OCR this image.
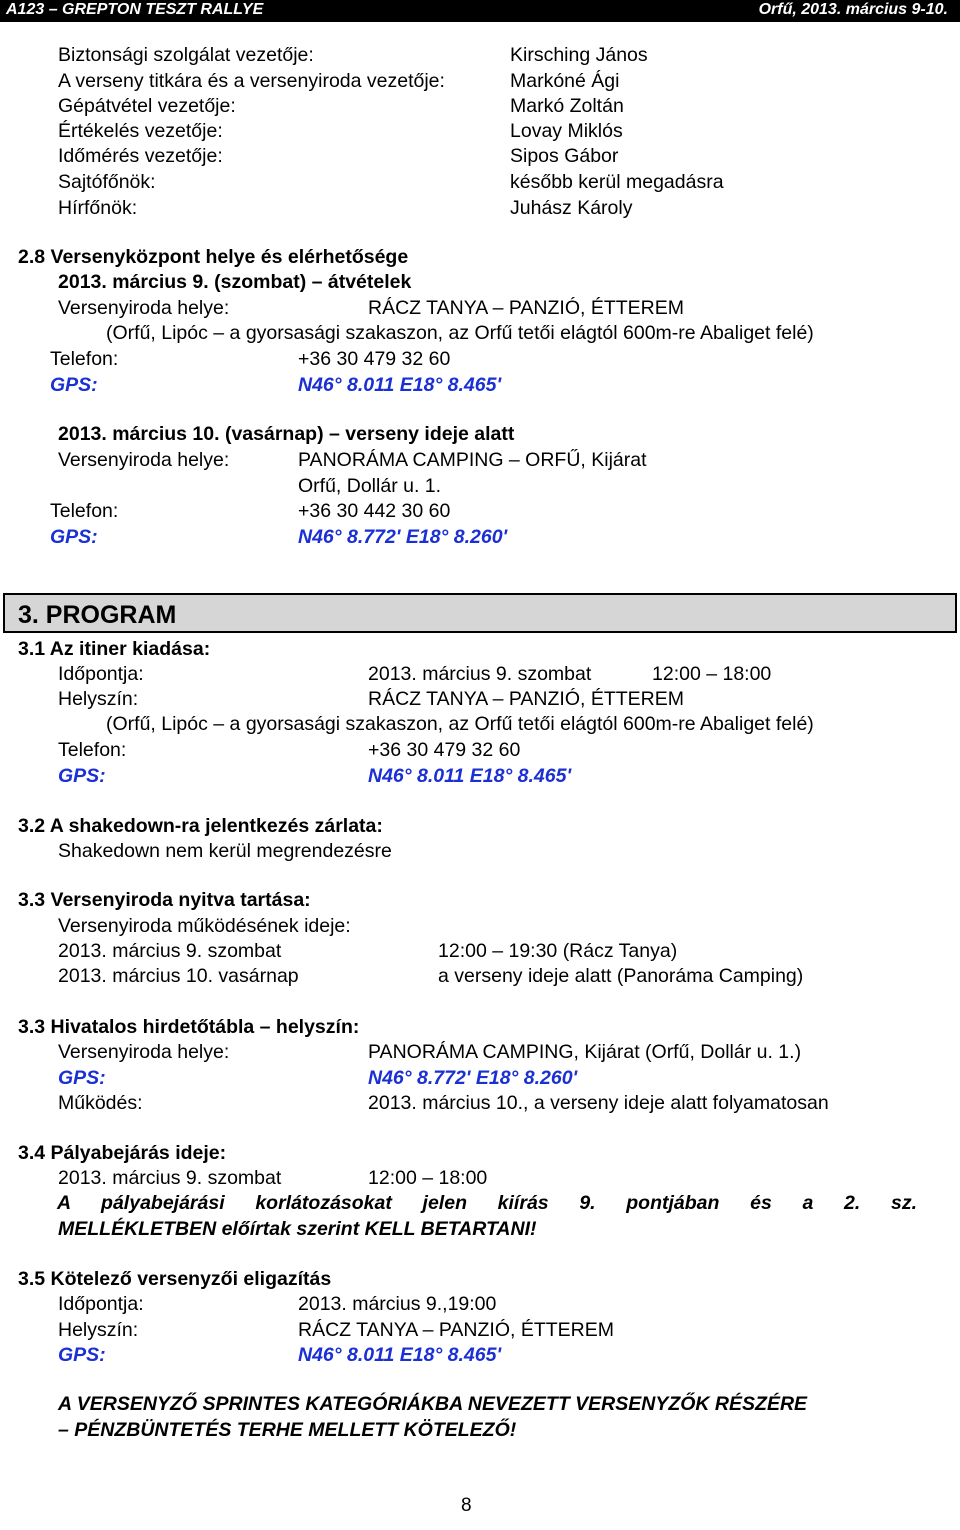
A123 – GREPTON TESZT RALLYE	Orfű, 2013. március 9-10.
Biztonsági szolgálat vezetője:	Kirsching János
A verseny titkára és a versenyiroda vezetője:	Markóné Ági
Gépátvétel vezetője:	Markó Zoltán
Értékelés vezetője:	Lovay Miklós
Időmérés vezetője:	Sipos Gábor
Sajtófőnök:	később kerül megadásra
Hírfőnök:	Juhász Károly
2.8 Versenyközpont helye és elérhetősége
2013. március 9. (szombat) – átvételek
Versenyiroda helye:	RÁCZ TANYA – PANZIÓ, ÉTTEREM
(Orfű, Lipóc – a gyorsasági szakaszon, az Orfű tetői elágtól 600m-re Abaliget felé)
Telefon:	+36 30 479 32 60
GPS:	N46° 8.011 E18° 8.465'
2013. március 10. (vasárnap) – verseny ideje alatt
Versenyiroda helye:	PANORÁMA CAMPING – ORFŰ, Kijárat
Orfű, Dollár u. 1.
Telefon:	+36 30 442 30 60
GPS:	N46° 8.772' E18° 8.260'
3. PROGRAM
3.1 Az itiner kiadása:
Időpontja:	2013. március 9. szombat	12:00 – 18:00
Helyszín:	RÁCZ TANYA – PANZIÓ, ÉTTEREM
(Orfű, Lipóc – a gyorsasági szakaszon, az Orfű tetői elágtól 600m-re Abaliget felé)
Telefon:	+36 30 479 32 60
GPS:	N46° 8.011 E18° 8.465'
3.2 A shakedown-ra jelentkezés zárlata:
Shakedown nem kerül megrendezésre
3.3 Versenyiroda nyitva tartása:
Versenyiroda működésének ideje:
2013. március 9. szombat	12:00 – 19:30 (Rácz Tanya)
2013. március 10. vasárnap	a verseny ideje alatt (Panoráma Camping)
3.3 Hivatalos hirdetőtábla – helyszín:
Versenyiroda helye:	PANORÁMA CAMPING, Kijárat (Orfű, Dollár u. 1.)
GPS:	N46° 8.772' E18° 8.260'
Működés:	2013. március 10., a verseny ideje alatt folyamatosan
3.4 Pályabejárás ideje:
2013. március 9. szombat	12:00 – 18:00
A pályabejárási korlátozásokat jelen kiírás 9. pontjában és a 2. sz.
MELLÉKLETBEN előírtak szerint KELL BETARTANI!
3.5 Kötelező versenyzői eligazítás
Időpontja:	2013. március 9.,19:00
Helyszín:	RÁCZ TANYA – PANZIÓ, ÉTTEREM
GPS:	N46° 8.011 E18° 8.465'
A VERSENYZŐ SPRINTES KATEGÓRIÁKBA NEVEZETT VERSENYZŐK RÉSZÉRE
– PÉNZBÜNTETÉS TERHE MELLETT KÖTELEZŐ!
8
